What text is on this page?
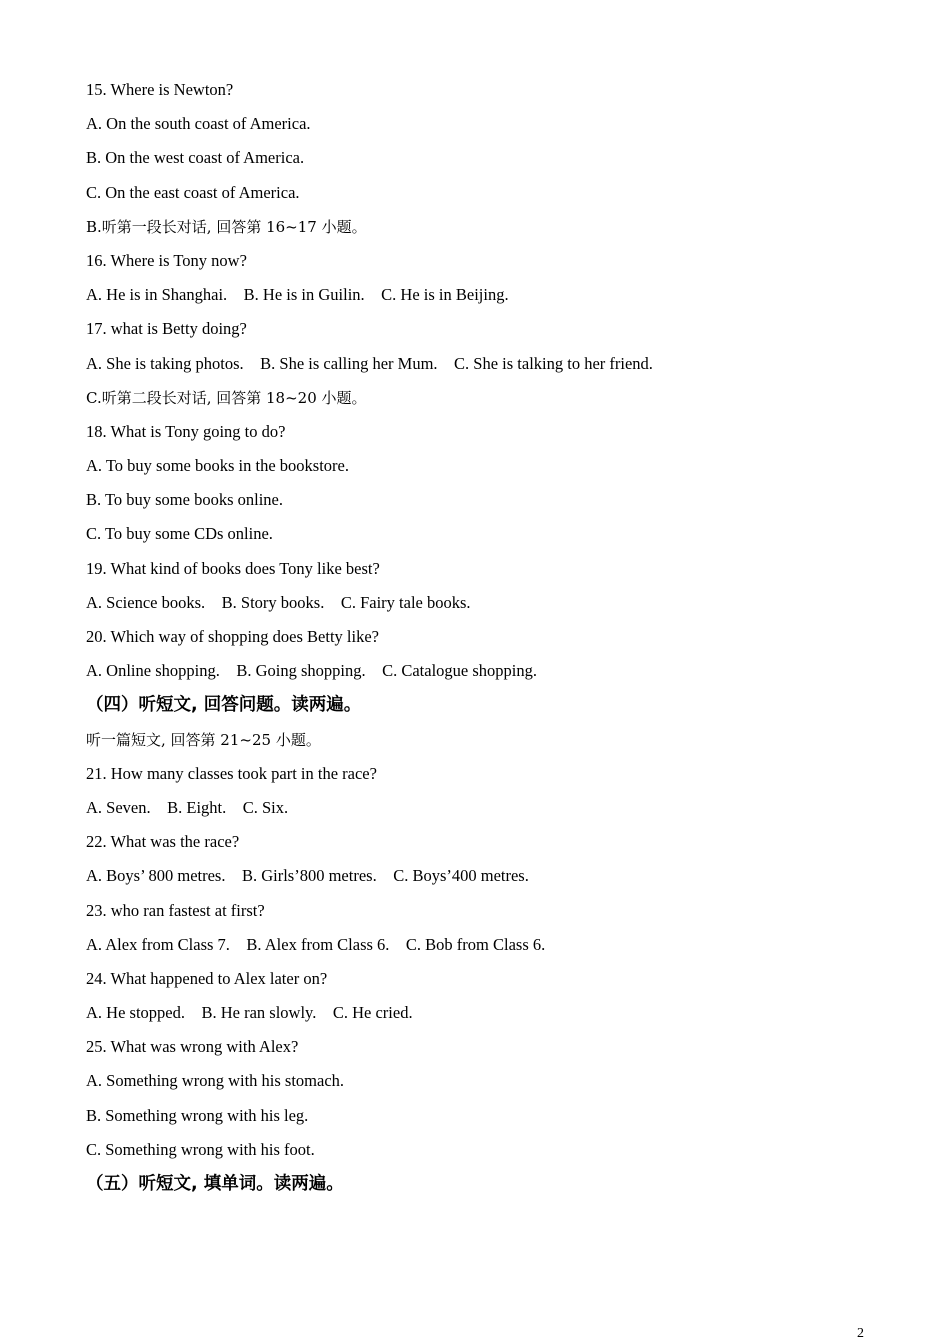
15. Where is Newton?
A. On the south coast of America.
B. On the west coast of America.
C. On the east coast of America.
B.听第一段长对话, 回答第 16~17 小题。
16. Where is Tony now?
A. He is in Shanghai.    B. He is in Guilin.    C. He is in Beijing.
17. what is Betty doing?
A. She is taking photos.    B. She is calling her Mum.    C. She is talking to her friend.
C.听第二段长对话, 回答第 18~20 小题。
18. What is Tony going to do?
A. To buy some books in the bookstore.
B. To buy some books online.
C. To buy some CDs online.
19. What kind of books does Tony like best?
A. Science books.    B. Story books.    C. Fairy tale books.
20. Which way of shopping does Betty like?
A. Online shopping.    B. Going shopping.    C. Catalogue shopping.
（四）听短文, 回答问题。读两遍。
听一篇短文, 回答第 21~25 小题。
21. How many classes took part in the race?
A. Seven.    B. Eight.    C. Six.
22. What was the race?
A. Boys’ 800 metres.    B. Girls’800 metres.    C. Boys’400 metres.
23. who ran fastest at first?
A. Alex from Class 7.    B. Alex from Class 6.    C. Bob from Class 6.
24. What happened to Alex later on?
A. He stopped.    B. He ran slowly.    C. He cried.
25. What was wrong with Alex?
A. Something wrong with his stomach.
B. Something wrong with his leg.
C. Something wrong with his foot.
（五）听短文, 填单词。读两遍。
2
